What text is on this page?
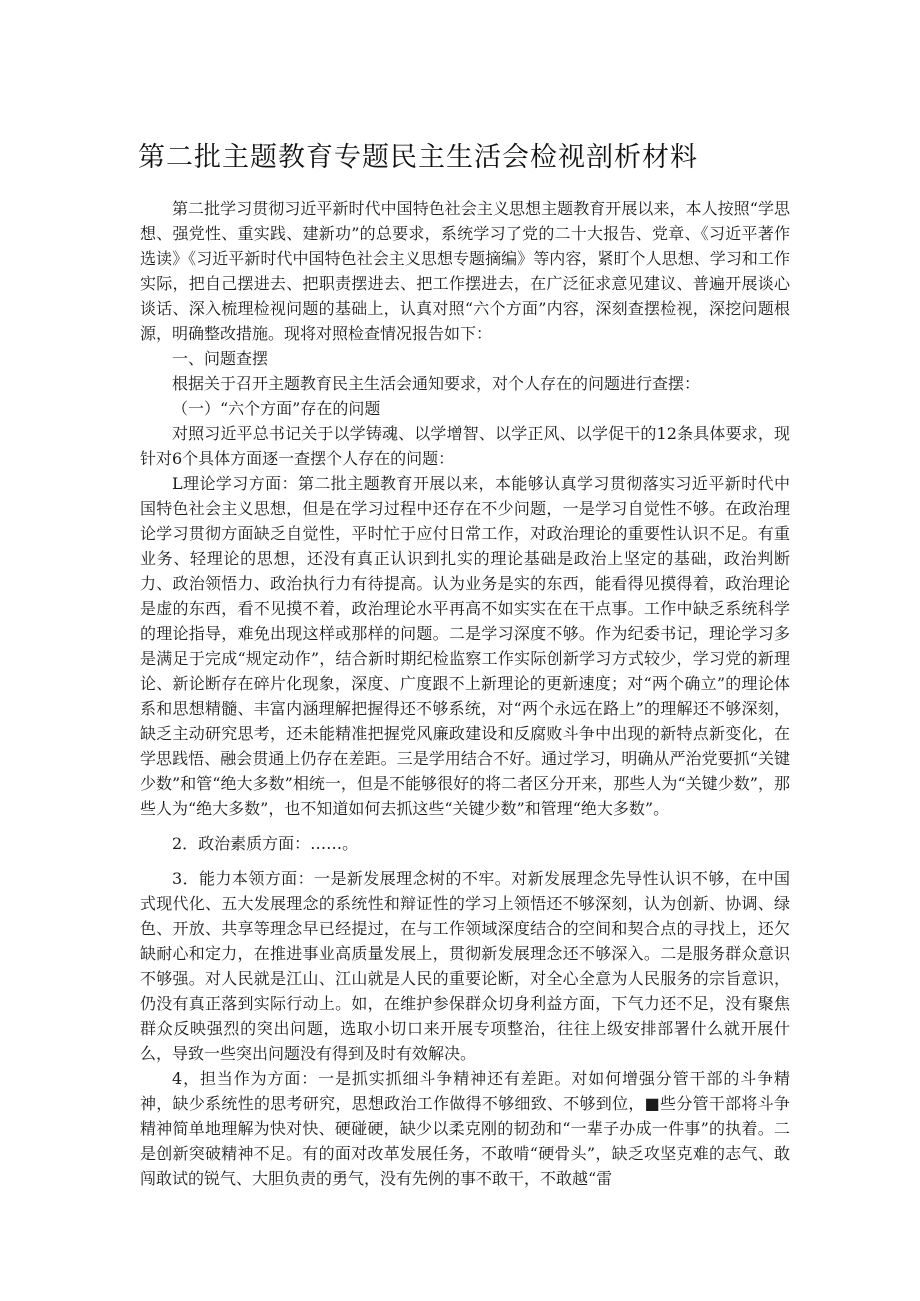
第二批主题教育专题民主生活会检视剖析材料

第二批学习贯彻习近平新时代中国特色社会主义思想主题教育开展以来，本人按照“学思想、强党性、重实践、建新功”的总要求，系统学习了党的二十大报告、党章、《习近平著作选读》《习近平新时代中国特色社会主义思想专题摘编》等内容，紧盯个人思想、学习和工作实际，把自己摆进去、把职责摆进去、把工作摆进去，在广泛征求意见建议、普遍开展谈心谈话、深入梳理检视问题的基础上，认真对照“六个方面”内容，深刻查摆检视，深挖问题根源，明确整改措施。现将对照检查情况报告如下：

一、问题查摆

根据关于召开主题教育民主生活会通知要求，对个人存在的问题进行查摆：

（一）“六个方面”存在的问题

对照习近平总书记关于以学铸魂、以学增智、以学正风、以学促干的12条具体要求，现针对6个具体方面逐一查摆个人存在的问题：

L理论学习方面：第二批主题教育开展以来，本能够认真学习贯彻落实习近平新时代中国特色社会主义思想，但是在学习过程中还存在不少问题，一是学习自觉性不够。在政治理论学习贯彻方面缺乏自觉性，平时忙于应付日常工作，对政治理论的重要性认识不足。有重业务、轻理论的思想，还没有真正认识到扎实的理论基础是政治上坚定的基础，政治判断力、政治领悟力、政治执行力有待提高。认为业务是实的东西，能看得见摸得着，政治理论是虚的东西，看不见摸不着，政治理论水平再高不如实实在在干点事。工作中缺乏系统科学的理论指导，难免出现这样或那样的问题。二是学习深度不够。作为纪委书记，理论学习多是满足于完成“规定动作”，结合新时期纪检监察工作实际创新学习方式较少，学习党的新理论、新论断存在碎片化现象，深度、广度跟不上新理论的更新速度；对“两个确立”的理论体系和思想精髓、丰富内涵理解把握得还不够系统，对“两个永远在路上”的理解还不够深刻，缺乏主动研究思考，还未能精准把握党风廉政建设和反腐败斗争中出现的新特点新变化，在学思践悟、融会贯通上仍存在差距。三是学用结合不好。通过学习，明确从严治党要抓“关键少数”和管“绝大多数”相统一，但是不能够很好的将二者区分开来，那些人为“关键少数”，那些人为“绝大多数”，也不知道如何去抓这些“关键少数”和管理“绝大多数”。

2．政治素质方面：……。

3．能力本领方面：一是新发展理念树的不牢。对新发展理念先导性认识不够，在中国式现代化、五大发展理念的系统性和辩证性的学习上领悟还不够深刻，认为创新、协调、绿色、开放、共享等理念早已经提过，在与工作领域深度结合的空间和契合点的寻找上，还欠缺耐心和定力，在推进事业高质量发展上，贯彻新发展理念还不够深入。二是服务群众意识不够强。对人民就是江山、江山就是人民的重要论断，对全心全意为人民服务的宗旨意识，仍没有真正落到实际行动上。如，在维护参保群众切身利益方面，下气力还不足，没有聚焦群众反映强烈的突出问题，选取小切口来开展专项整治，往往上级安排部署什么就开展什么，导致一些突出问题没有得到及时有效解决。

4，担当作为方面：一是抓实抓细斗争精神还有差距。对如何增强分管干部的斗争精神，缺少系统性的思考研究，思想政治工作做得不够细致、不够到位，■些分管干部将斗争精神简单地理解为快对快、硬碰硬，缺少以柔克刚的韧劲和“一辈子办成一件事”的执着。二是创新突破精神不足。有的面对改革发展任务，不敢啃“硬骨头”，缺乏攻坚克难的志气、敢闯敢试的锐气、大胆负责的勇气，没有先例的事不敢干，不敢越“雷
